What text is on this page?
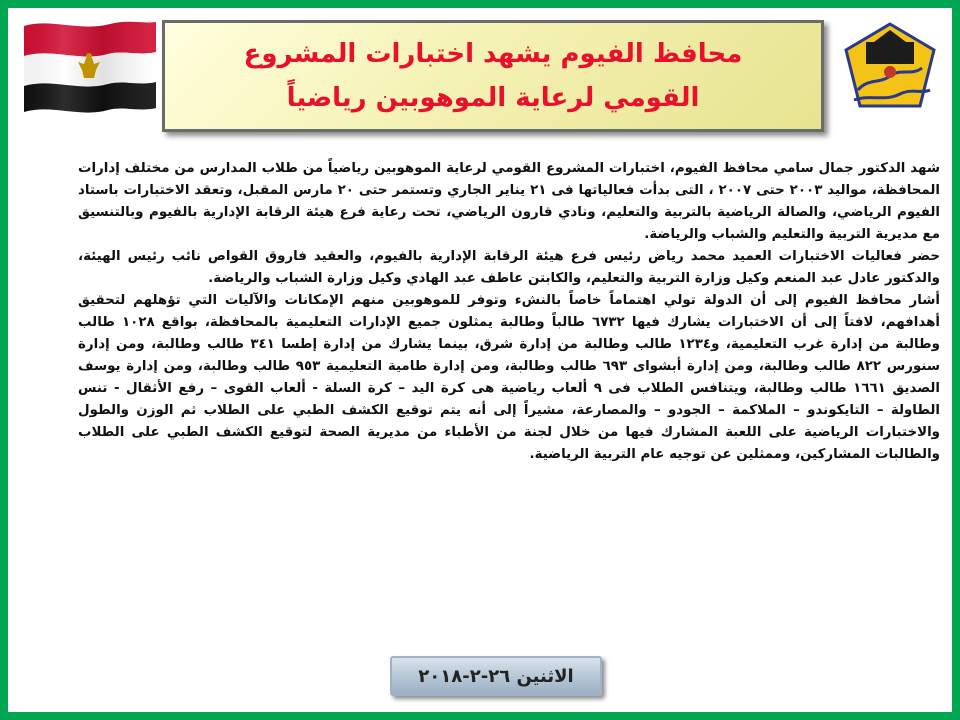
محافظ الفيوم يشهد اختبارات المشروع القومي لرعاية الموهوبين رياضياً

شهد الدكتور جمال سامي محافظ الفيوم، اختبارات المشروع القومي لرعاية الموهوبين رياضياً من طلاب المدارس من مختلف إدارات المحافظة، مواليد ٢٠٠٣ حتى ٢٠٠٧ ، التى بدأت فعالياتها فى ٢١ يناير الجاري وتستمر حتى ٢٠ مارس المقبل، وتعقد الاختبارات باستاد الفيوم الرياضي، والصالة الرياضية بالتربية والتعليم، ونادي قارون الرياضي، تحت رعاية فرع هيئة الرقابة الإدارية بالفيوم وبالتنسيق مع مديرية التربية والتعليم والشباب والرياضة.

حضر فعاليات الاختبارات العميد محمد رياض رئيس فرع هيئة الرقابة الإدارية بالفيوم، والعقيد فاروق القواص نائب رئيس الهيئة، والدكتور عادل عبد المنعم وكيل وزارة التربية والتعليم، والكابتن عاطف عبد الهادي وكيل وزارة الشباب والرياضة.

أشار محافظ الفيوم إلى أن الدولة تولي اهتماماً خاصاً بالنشء وتوفر للموهوبين منهم الإمكانات والآليات التي تؤهلهم لتحقيق أهدافهم، لافتاً إلى أن الاختبارات يشارك فيها ٦٧٣٢ طالباً وطالبة يمثلون جميع الإدارات التعليمية بالمحافظة، بواقع ١٠٢٨ طالب وطالبة من إدارة غرب التعليمية، و١٢٣٤ طالب وطالبة من إدارة شرق، بينما يشارك من إدارة إطسا ٣٤١ طالب وطالبة، ومن إدارة سنورس ٨٢٢ طالب وطالبة، ومن إدارة أبشواى ٦٩٣ طالب وطالبة، ومن إدارة طامية التعليمية ٩٥٣ طالب وطالبة، ومن إدارة يوسف الصديق ١٦٦١ طالب وطالبة، ويتنافس الطلاب فى ٩ ألعاب رياضية هى كرة اليد – كرة السلة - ألعاب القوى – رفع الأثقال - تنس الطاولة – التايكوندو – الملاكمة – الجودو – والمصارعة، مشيراً إلى أنه يتم توقيع الكشف الطبي على الطلاب ثم الوزن والطول والاختبارات الرياضية على اللعبة المشارك فيها من خلال لجنة من الأطباء من مديرية الصحة لتوقيع الكشف الطبي على الطلاب والطالبات المشاركين، وممثلين عن توجيه عام التربية الرياضية.

الاثنين ٢٦-٢-٢٠١٨
